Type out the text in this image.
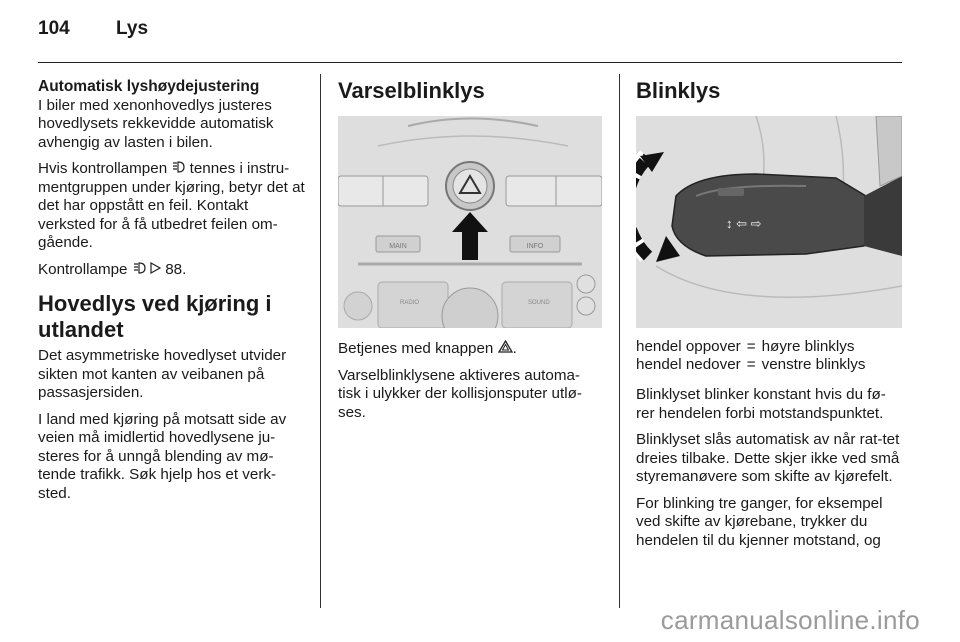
104 Lys
Automatisk lyshøydejustering

I biler med xenonhovedlys justeres hovedlysets rekkevidde automatisk avhengig av lasten i bilen.

Hvis kontrollampen tennes i instru-mentgruppen under kjøring, betyr det at det har oppstått en feil. Kontakt verksted for å få utbedret feilen om-gående.

Kontrollampe 88.

Hovedlys ved kjøring i utlandet

Det asymmetriske hovedlyset utvider sikten mot kanten av veibanen på passasjersiden.

I land med kjøring på motsatt side av veien må imidlertid hovedlysene ju-steres for å unngå blending av mø-tende trafikk. Søk hjelp hos et verk-sted.

Varselblinklys
MAIN	INFO
RADIO	SOUND

Betjenes med knappen .

Varselblinklysene aktiveres automa-tisk i ulykker der kollisjonsputer utlø-ses.

Blinklys
↕ ⇦ ⇨
hendel oppover	=	høyre blinklys
hendel nedover	=	venstre blinklys

Blinklyset blinker konstant hvis du fø-rer hendelen forbi motstandspunktet.

Blinklyset slås automatisk av når rat-tet dreies tilbake. Dette skjer ikke ved små styremanøvere som skifte av kjørefelt.

For blinking tre ganger, for eksempel ved skifte av kjørebane, trykker du hendelen til du kjenner motstand, og

carmanualsonline.info
